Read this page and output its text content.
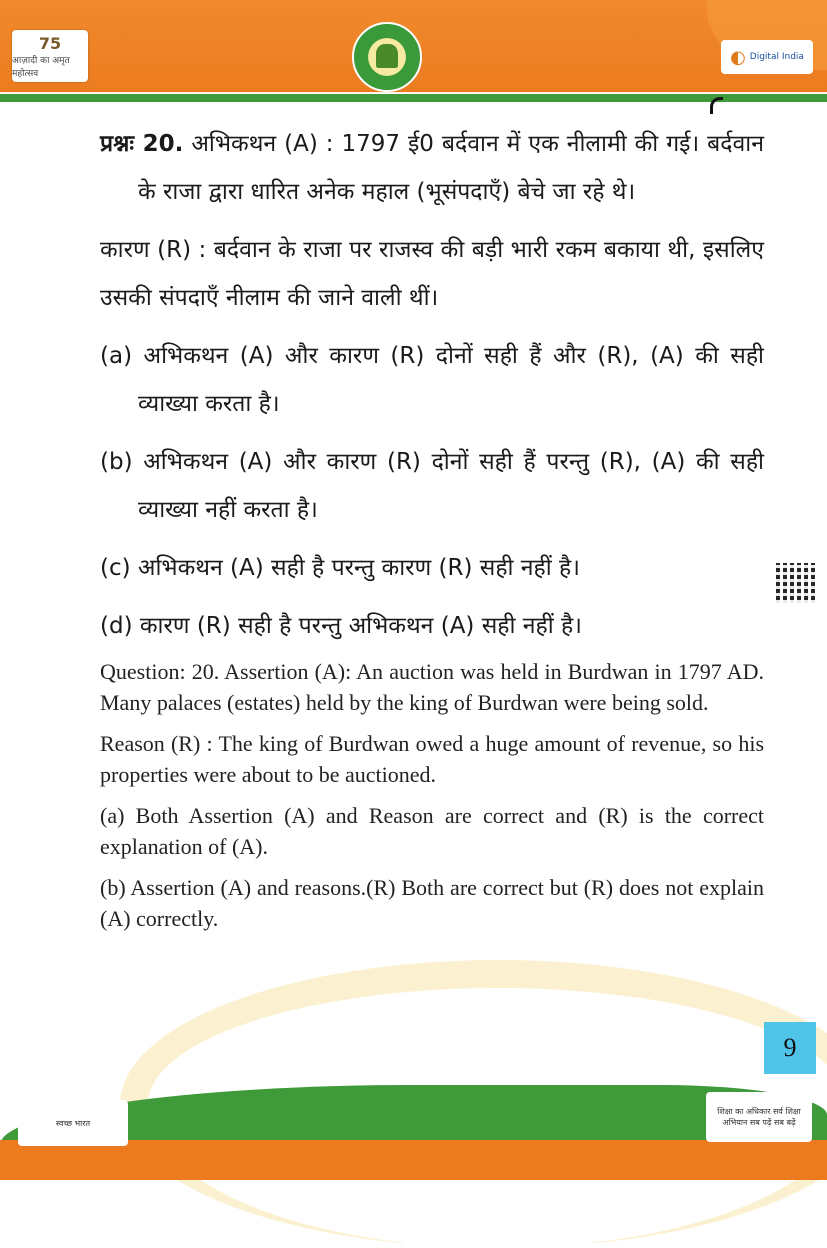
75
आज़ादी का अमृत महोत्सव
◐ Digital India

प्रश्नः 20. अभिकथन (A) : 1797 ई0 बर्दवान में एक नीलामी की गई। बर्दवान के राजा द्वारा धारित अनेक महाल (भूसंपदाएँ) बेचे जा रहे थे।

कारण (R) : बर्दवान के राजा पर राजस्व की बड़ी भारी रकम बकाया थी, इसलिए उसकी संपदाएँ नीलाम की जाने वाली थीं।

(a) अभिकथन (A) और कारण (R) दोनों सही हैं और (R), (A) की सही व्याख्या करता है।

(b) अभिकथन (A) और कारण (R) दोनों सही हैं परन्तु (R), (A) की सही व्याख्या नहीं करता है।

(c) अभिकथन (A) सही है परन्तु कारण (R) सही नहीं है।

(d) कारण (R) सही है परन्तु अभिकथन (A) सही नहीं है।

Question: 20. Assertion (A): An auction was held in Burdwan in 1797 AD. Many palaces (estates) held by the king of Burdwan were being sold.

Reason (R) : The king of Burdwan owed a huge amount of revenue, so his properties were about to be auctioned.

(a) Both Assertion (A) and Reason are correct and (R) is the correct explanation of (A).

(b) Assertion (A) and reasons.(R) Both are correct but (R) does not explain (A) correctly.

9
स्वच्छ भारत
शिक्षा का अधिकार सर्व शिक्षा अभियान सब पढ़ें सब बढ़ें
